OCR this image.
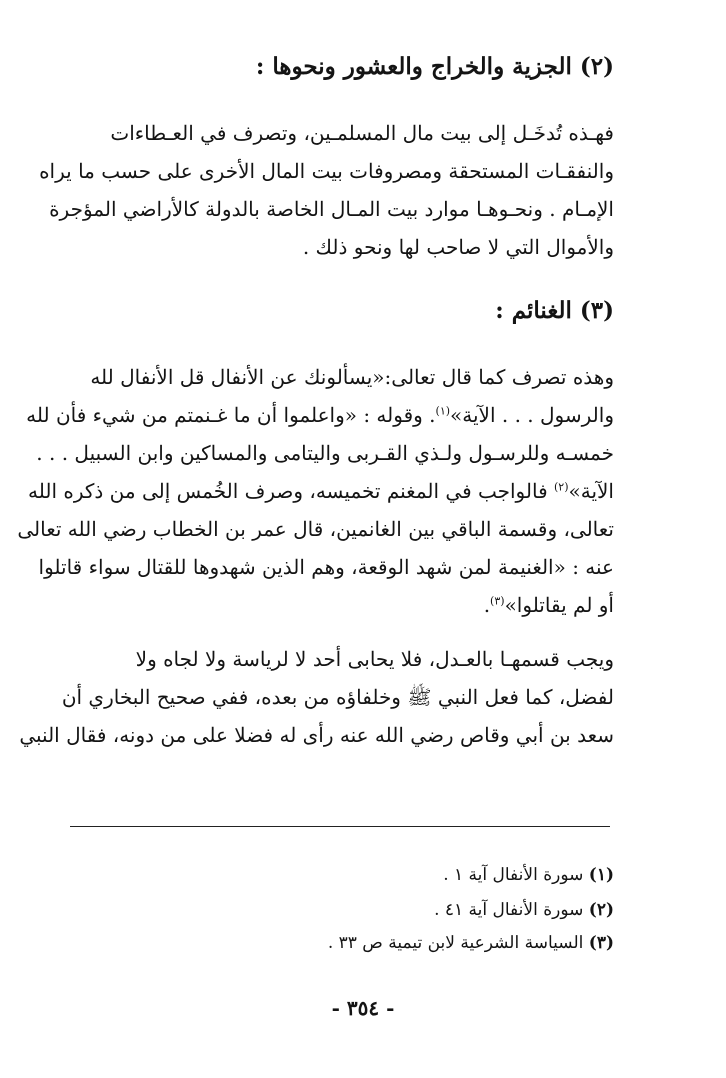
(٢) الجزية والخراج والعشور ونحوها :
فهـذه تُدخَـل إلى بيت مال المسلمـين، وتصرف في العـطاءات
والنفقـات المستحقة ومصروفات بيت المال الأخرى على حسب ما يراه
الإمـام . ونحـوهـا موارد بيت المـال الخاصة بالدولة كالأراضي المؤجرة
والأموال التي لا صاحب لها ونحو ذلك .
(٣) الغنائم :
وهذه تصرف كما قال تعالى:«يسألونك عن الأنفال قل الأنفال لله
والرسول . . . الآية»$^{(١)}$. وقوله : «واعلموا أن ما غـنمتم من شيء فأن لله
خمسـه وللرسـول ولـذي القـربى واليتامى والمساكين وابن السبيل . . .
الآية»$^{(٢)}$ فالواجب في المغنم تخميسه، وصرف الخُمس إلى من ذكره الله
تعالى، وقسمة الباقي بين الغانمين، قال عمر بن الخطاب رضي الله تعالى
عنه : «الغنيمة لمن شهد الوقعة، وهم الذين شهدوها للقتال سواء قاتلوا
أو لم يقاتلوا»$^{(٣)}$.
ويجب قسمهـا بالعـدل، فلا يحابى أحد لا لرياسة ولا لجاه ولا
لفضل، كما فعل النبي ﷺ وخلفاؤه من بعده، ففي صحيح البخاري أن
سعد بن أبي وقاص رضي الله عنه رأى له فضلا على من دونه، فقال النبي
(١) سورة الأنفال آية ١ .
(٢) سورة الأنفال آية ٤١ .
(٣) السياسة الشرعية لابن تيمية ص ٣٣ .
- ٣٥٤ -
